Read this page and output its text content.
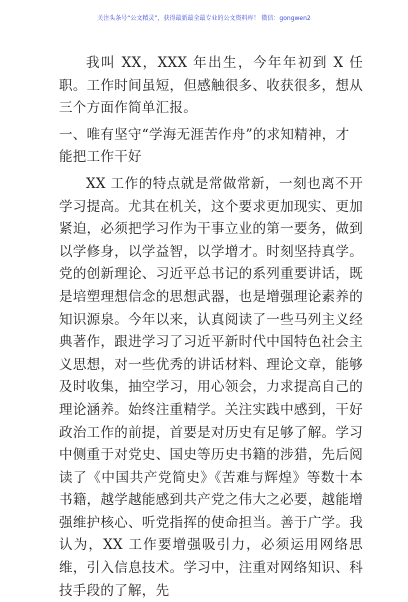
关注头条号“公文精灵”，获得最新最全最专业的公文资料库！ 微信：gongwen2

我叫 XX，XXX 年出生，今年年初到 X 任职。工作时间虽短，但感触很多、收获很多，想从三个方面作简单汇报。

一、唯有坚守“学海无涯苦作舟”的求知精神，才能把工作干好

XX 工作的特点就是常做常新，一刻也离不开学习提高。尤其在机关，这个要求更加现实、更加紧迫，必须把学习作为干事立业的第一要务，做到以学修身，以学益智，以学增才。时刻坚持真学。党的创新理论、习近平总书记的系列重要讲话，既是培塑理想信念的思想武器，也是增强理论素养的知识源泉。今年以来，认真阅读了一些马列主义经典著作，跟进学习了习近平新时代中国特色社会主义思想，对一些优秀的讲话材料、理论文章，能够及时收集，抽空学习，用心领会，力求提高自己的理论涵养。始终注重精学。关注实践中感到，干好政治工作的前提，首要是对历史有足够了解。学习中侧重于对党史、国史等历史书籍的涉猎，先后阅读了《中国共产党简史》《苦难与辉煌》等数十本书籍，越学越能感到共产党之伟大之必要，越能增强维护核心、听党指挥的使命担当。善于广学。我认为，XX 工作要增强吸引力，必须运用网络思维，引入信息技术。学习中，注重对网络知识、科技手段的了解，先
